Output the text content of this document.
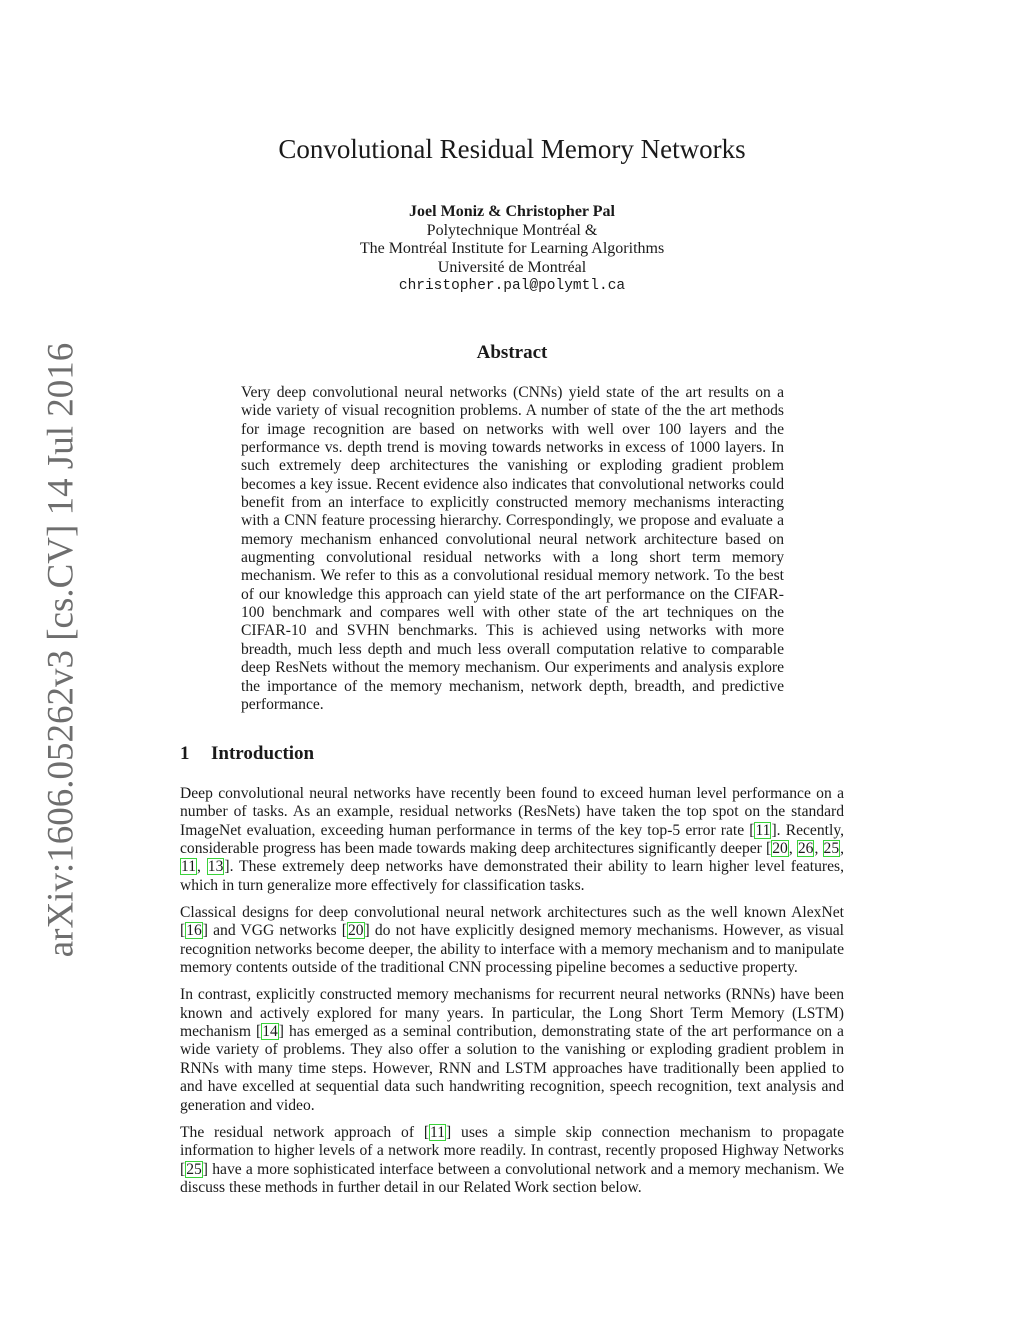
arXiv:1606.05262v3 [cs.CV] 14 Jul 2016
Convolutional Residual Memory Networks
Joel Moniz & Christopher Pal
Polytechnique Montréal &
The Montréal Institute for Learning Algorithms
Université de Montréal
christopher.pal@polymtl.ca
Abstract

Very deep convolutional neural networks (CNNs) yield state of the art results on a wide variety of visual recognition problems. A number of state of the the art methods for image recognition are based on networks with well over 100 layers and the performance vs. depth trend is moving towards networks in excess of 1000 layers. In such extremely deep architectures the vanishing or exploding gradient problem becomes a key issue. Recent evidence also indicates that convolutional networks could benefit from an interface to explicitly constructed memory mechanisms interacting with a CNN feature processing hierarchy. Correspondingly, we propose and evaluate a memory mechanism enhanced convolutional neural network architecture based on augmenting convolutional residual networks with a long short term memory mechanism. We refer to this as a convolutional residual memory network. To the best of our knowledge this approach can yield state of the art performance on the CIFAR-100 benchmark and compares well with other state of the art techniques on the CIFAR-10 and SVHN benchmarks. This is achieved using networks with more breadth, much less depth and much less overall computation relative to comparable deep ResNets without the memory mechanism. Our experiments and analysis explore the importance of the memory mechanism, network depth, breadth, and predictive performance.

1 Introduction

Deep convolutional neural networks have recently been found to exceed human level performance on a number of tasks. As an example, residual networks (ResNets) have taken the top spot on the standard ImageNet evaluation, exceeding human performance in terms of the key top-5 error rate [11]. Recently, considerable progress has been made towards making deep architectures significantly deeper [20, 26, 25, 11, 13]. These extremely deep networks have demonstrated their ability to learn higher level features, which in turn generalize more effectively for classification tasks.

Classical designs for deep convolutional neural network architectures such as the well known AlexNet [16] and VGG networks [20] do not have explicitly designed memory mechanisms. However, as visual recognition networks become deeper, the ability to interface with a memory mechanism and to manipulate memory contents outside of the traditional CNN processing pipeline becomes a seductive property.

In contrast, explicitly constructed memory mechanisms for recurrent neural networks (RNNs) have been known and actively explored for many years. In particular, the Long Short Term Memory (LSTM) mechanism [14] has emerged as a seminal contribution, demonstrating state of the art performance on a wide variety of problems. They also offer a solution to the vanishing or exploding gradient problem in RNNs with many time steps. However, RNN and LSTM approaches have traditionally been applied to and have excelled at sequential data such handwriting recognition, speech recognition, text analysis and generation and video.

The residual network approach of [11] uses a simple skip connection mechanism to propagate information to higher levels of a network more readily. In contrast, recently proposed Highway Networks [25] have a more sophisticated interface between a convolutional network and a memory mechanism. We discuss these methods in further detail in our Related Work section below.
